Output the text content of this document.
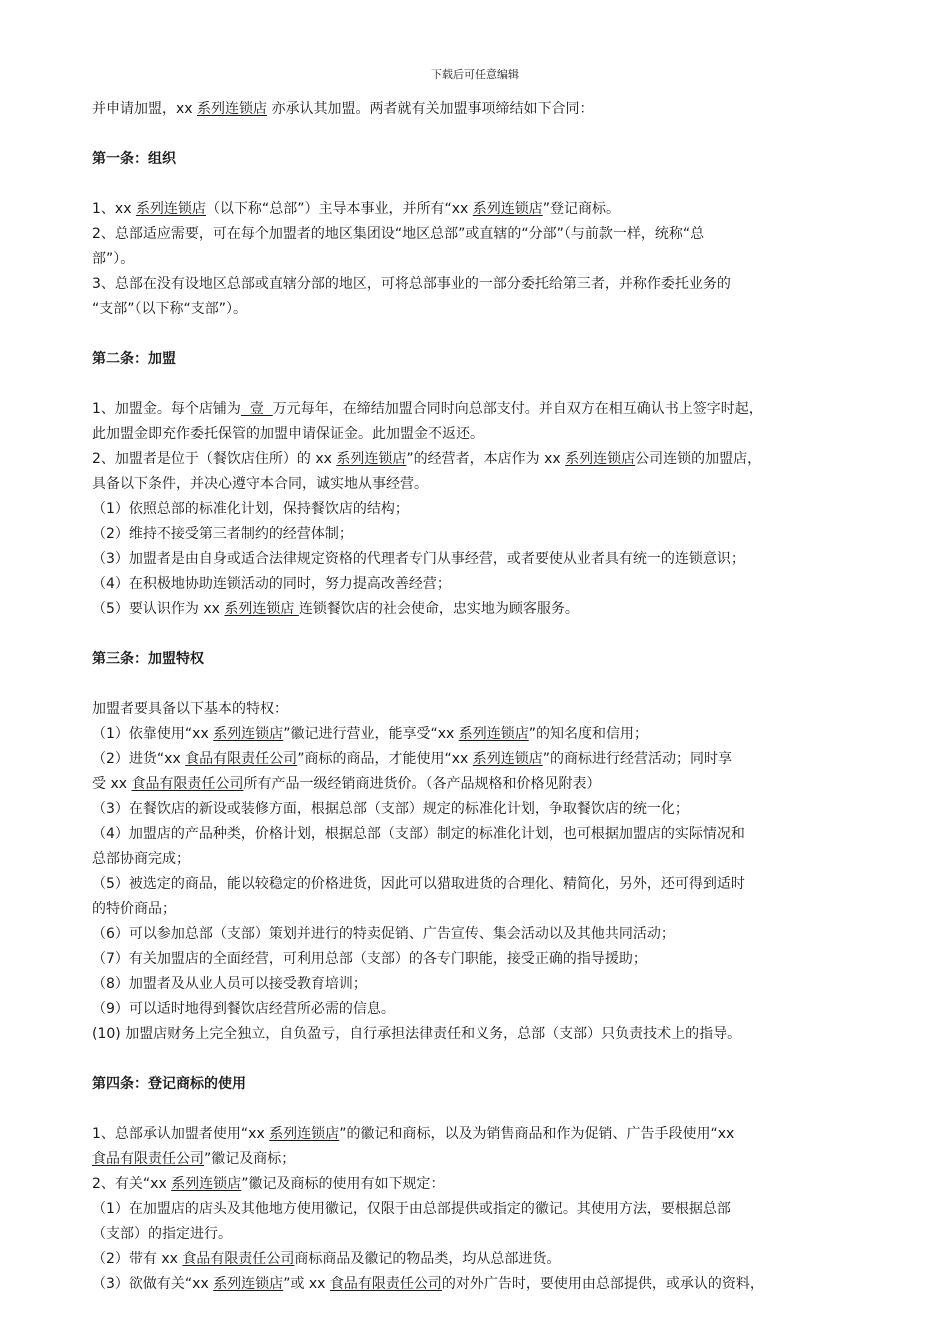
下载后可任意编辑

并申请加盟，xx 系列连锁店 亦承认其加盟。两者就有关加盟事项缔结如下合同：

第一条：组织

1、xx 系列连锁店（以下称“总部”）主导本事业，并所有“xx 系列连锁店”登记商标。

2、总部适应需要，可在每个加盟者的地区集团设“地区总部”或直辖的“分部”（与前款一样，统称“总

部”）。

3、总部在没有设地区总部或直辖分部的地区，可将总部事业的一部分委托给第三者，并称作委托业务的

“支部”（以下称“支部”）。

第二条：加盟

1、加盟金。每个店铺为  壹  万元每年，在缔结加盟合同时向总部支付。并自双方在相互确认书上签字时起，

此加盟金即充作委托保管的加盟申请保证金。此加盟金不返还。

2、加盟者是位于（餐饮店住所）的 xx 系列连锁店”的经营者，本店作为 xx 系列连锁店公司连锁的加盟店，

具备以下条件，并决心遵守本合同，诚实地从事经营。

（1）依照总部的标准化计划，保持餐饮店的结构；

（2）维持不接受第三者制约的经营体制；

（3）加盟者是由自身或适合法律规定资格的代理者专门从事经营，或者要使从业者具有统一的连锁意识；

（4）在积极地协助连锁活动的同时，努力提高改善经营；

（5）要认识作为 xx 系列连锁店 连锁餐饮店的社会使命，忠实地为顾客服务。

第三条：加盟特权

加盟者要具备以下基本的特权：

（1）依靠使用“xx 系列连锁店”徽记进行营业，能享受“xx 系列连锁店”的知名度和信用；

（2）进货“xx 食品有限责任公司”商标的商品，才能使用“xx 系列连锁店”的商标进行经营活动；同时享

受 xx 食品有限责任公司所有产品一级经销商进货价。（各产品规格和价格见附表）

（3）在餐饮店的新设或装修方面，根据总部（支部）规定的标准化计划，争取餐饮店的统一化；

（4）加盟店的产品种类，价格计划，根据总部（支部）制定的标准化计划，也可根据加盟店的实际情况和

总部协商完成；

（5）被选定的商品，能以较稳定的价格进货，因此可以猎取进货的合理化、精简化，另外，还可得到适时

的特价商品；

（6）可以参加总部（支部）策划并进行的特卖促销、广告宣传、集会活动以及其他共同活动；

（7）有关加盟店的全面经营，可利用总部（支部）的各专门职能，接受正确的指导援助；

（8）加盟者及从业人员可以接受教育培训；

（9）可以适时地得到餐饮店经营所必需的信息。

(10) 加盟店财务上完全独立，自负盈亏，自行承担法律责任和义务，总部（支部）只负责技术上的指导。

第四条：登记商标的使用

1、总部承认加盟者使用“xx 系列连锁店”的徽记和商标，以及为销售商品和作为促销、广告手段使用“xx

食品有限责任公司”徽记及商标；

2、有关“xx 系列连锁店”徽记及商标的使用有如下规定：

（1）在加盟店的店头及其他地方使用徽记，仅限于由总部提供或指定的徽记。其使用方法，要根据总部

（支部）的指定进行。

（2）带有 xx 食品有限责任公司商标商品及徽记的物品类，均从总部进货。

（3）欲做有关“xx 系列连锁店”或 xx 食品有限责任公司的对外广告时，要使用由总部提供，或承认的资料，
